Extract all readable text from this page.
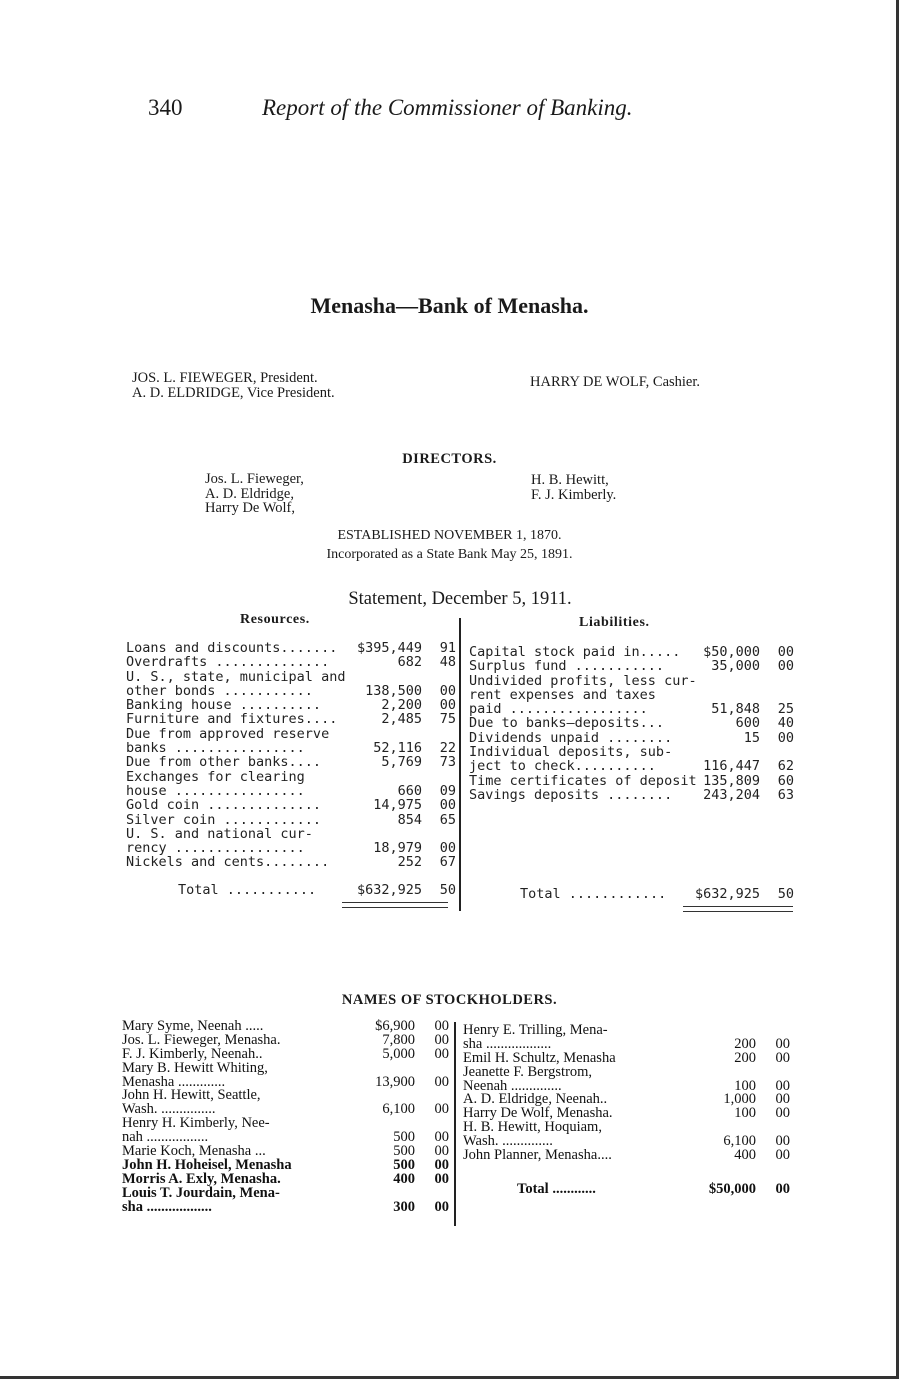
340	Report of the Commissioner of Banking.
Menasha—Bank of Menasha.
JOS. L. FIEWEGER, President.
A. D. ELDRIDGE, Vice President.
HARRY DE WOLF, Cashier.
DIRECTORS.
Jos. L. Fieweger,
A. D. Eldridge,
Harry De Wolf,
H. B. Hewitt,
F. J. Kimberly.
ESTABLISHED NOVEMBER 1, 1870.
Incorporated as a State Bank May 25, 1891.
Statement, December 5, 1911.
Resources.	Liabilities.
Loans and discounts....... $395,449	91
Overdrafts ..............	682	48
U. S., state, municipal and
other bonds ...........	138,500	00
Banking house ..........	2,200	00
Furniture and fixtures....	2,485	75
Due from approved reserve
banks ................	52,116	22
Due from other banks....	5,769	73
Exchanges for clearing
house ................	660	09
Gold coin ..............	14,975	00
Silver coin ............	854	65
U. S. and national cur-
rency ................	18,979	00
Nickels and cents........	252	67
Total ...........	$632,925	50
Capital stock paid in..... $50,000	00
Surplus fund ...........	35,000	00
Undivided profits, less cur-
rent expenses and taxes
paid .................	51,848	25
Due to banks—deposits...	600	40
Dividends unpaid ........	15	00
Individual deposits, sub-
ject to check..........	116,447	62
Time certificates of deposit 135,809	60
Savings deposits ........ 243,204	63
Total ............ $632,925	50
NAMES OF STOCKHOLDERS.
Mary Syme, Neenah .....	$6,900	00
Jos. L. Fieweger, Menasha.	7,800	00
F. J. Kimberly, Neenah..	5,000	00
Mary B. Hewitt Whiting,
Menasha .............	13,900	00
John H. Hewitt, Seattle,
Wash. ...............	6,100	00
Henry H. Kimberly, Nee-
nah .................	500	00
Marie Koch, Menasha ...	500	00
John H. Hoheisel, Menasha	500	00
Morris A. Exly, Menasha.	400	00
Louis T. Jourdain, Mena-
sha ..................	300	00
Henry E. Trilling, Mena-
sha ..................	200	00
Emil H. Schultz, Menasha	200	00
Jeanette F. Bergstrom,
Neenah ..............	100	00
A. D. Eldridge, Neenah..	1,000	00
Harry De Wolf, Menasha.	100	00
H. B. Hewitt, Hoquiam,
Wash. ..............	6,100	00
John Planner, Menasha....	400	00
Total ............	$50,000	00
